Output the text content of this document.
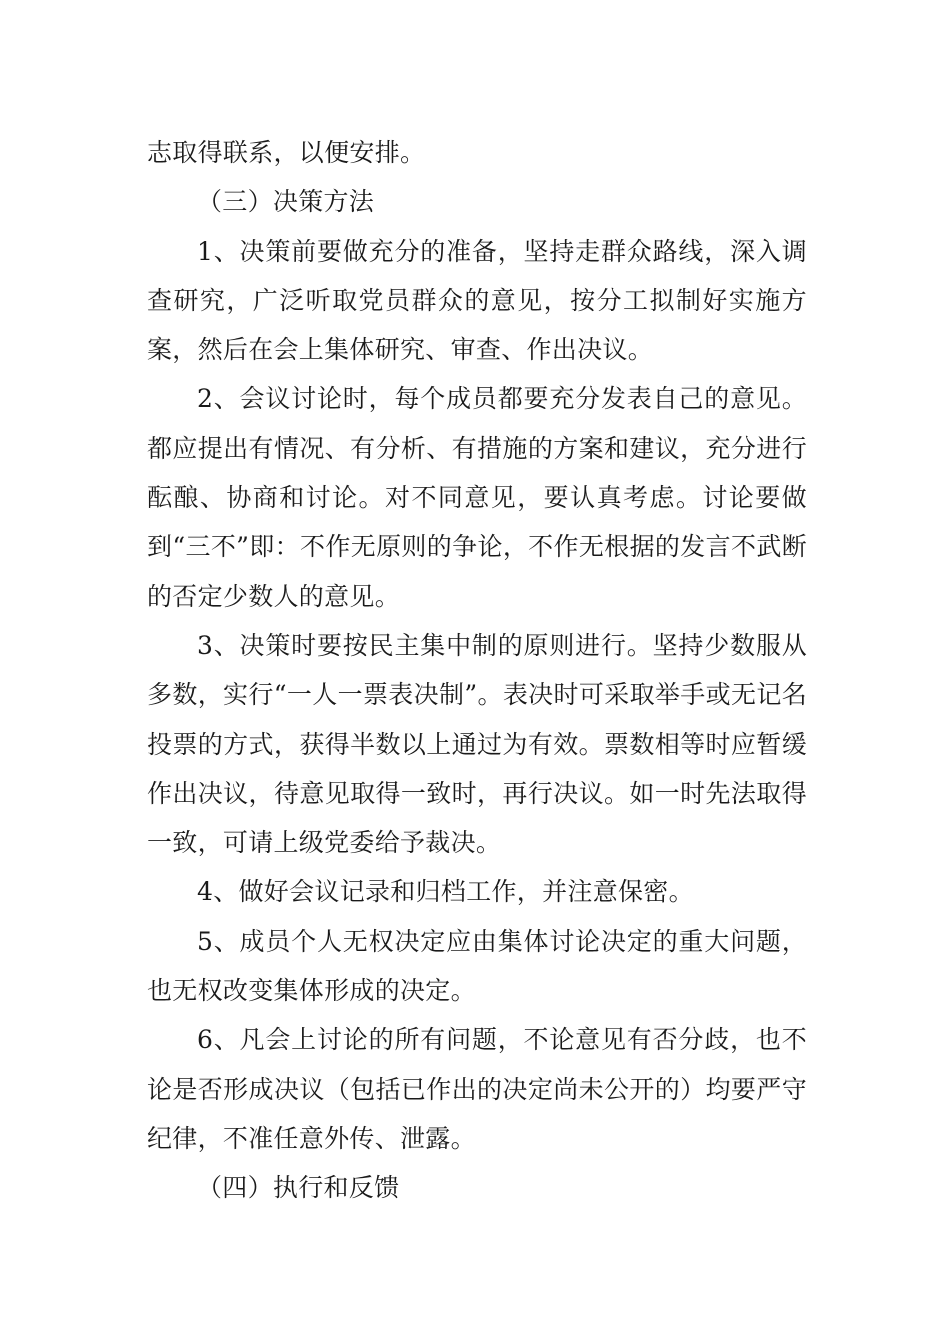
志取得联系，以便安排。

（三）决策方法

1、决策前要做充分的准备，坚持走群众路线，深入调查研究，广泛听取党员群众的意见，按分工拟制好实施方案，然后在会上集体研究、审查、作出决议。

2、会议讨论时，每个成员都要充分发表自己的意见。都应提出有情况、有分析、有措施的方案和建议，充分进行酝酿、协商和讨论。对不同意见，要认真考虑。讨论要做到“三不”即：不作无原则的争论，不作无根据的发言不武断的否定少数人的意见。

3、决策时要按民主集中制的原则进行。坚持少数服从多数，实行“一人一票表决制”。表决时可采取举手或无记名投票的方式，获得半数以上通过为有效。票数相等时应暂缓作出决议，待意见取得一致时，再行决议。如一时先法取得一致，可请上级党委给予裁决。

4、做好会议记录和归档工作，并注意保密。

5、成员个人无权决定应由集体讨论决定的重大问题，也无权改变集体形成的决定。

6、凡会上讨论的所有问题，不论意见有否分歧，也不论是否形成决议（包括已作出的决定尚未公开的）均要严守纪律，不准任意外传、泄露。

（四）执行和反馈
